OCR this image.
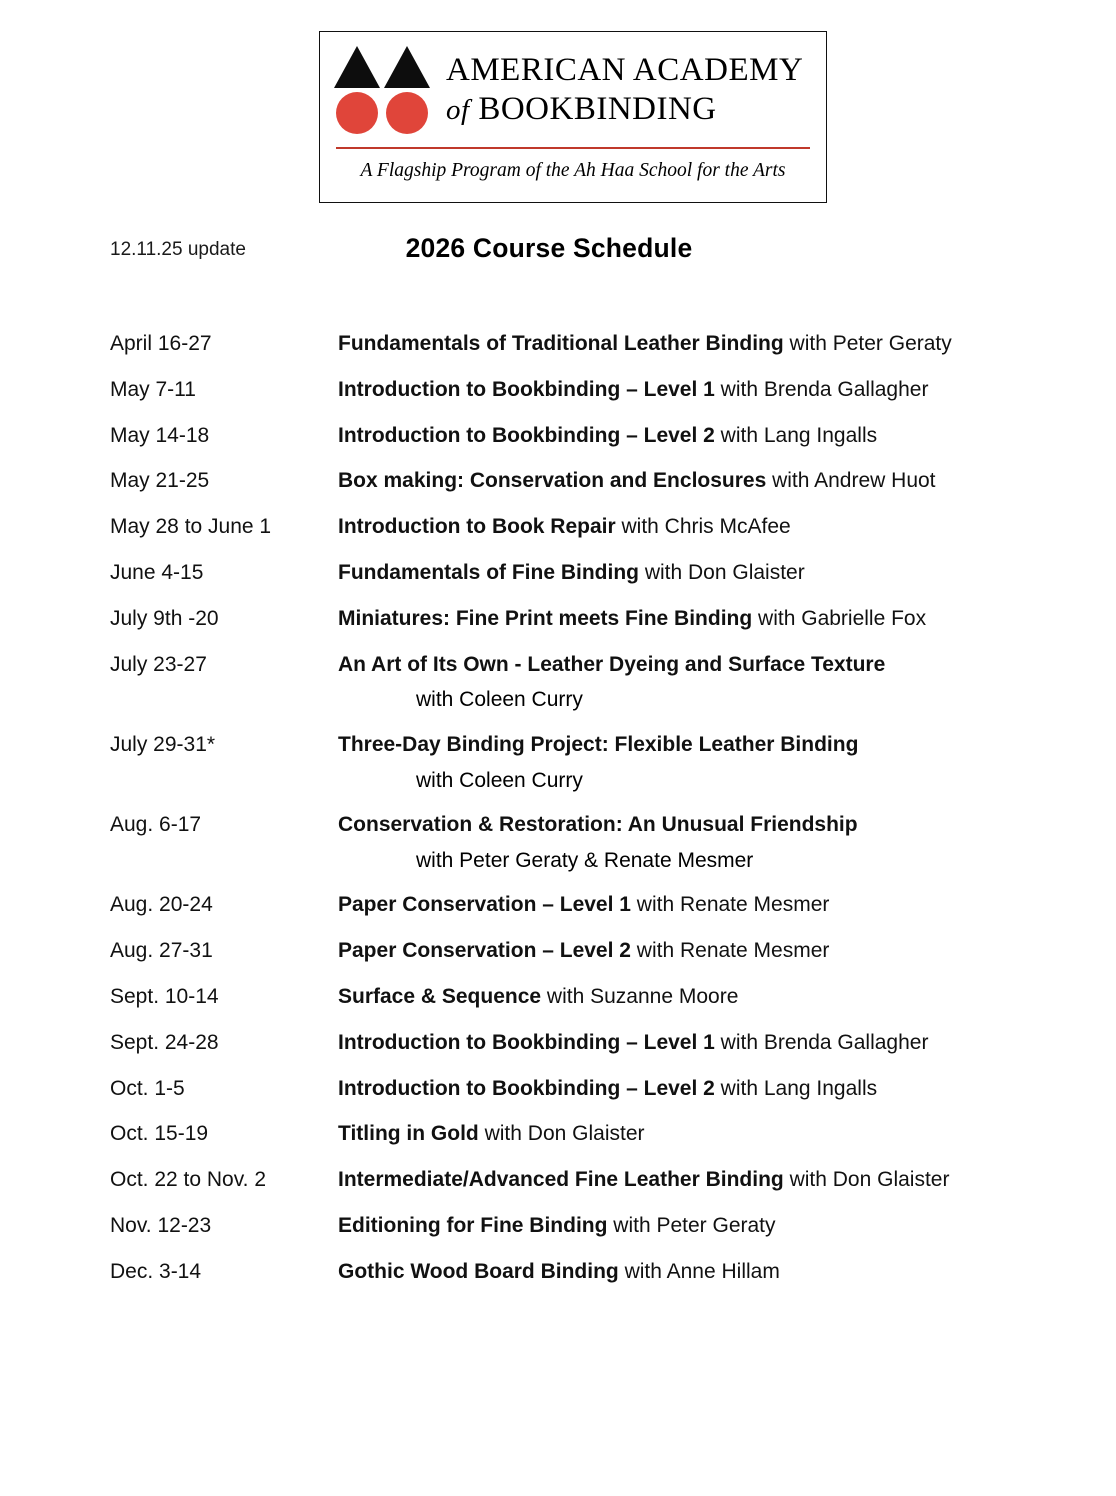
AMERICAN ACADEMY
of BOOKBINDING
A Flagship Program of the Ah Haa School for the Arts
12.11.25 update	2026 Course Schedule
April 16-27	Fundamentals of Traditional Leather Binding with Peter Geraty
May 7-11	Introduction to Bookbinding – Level 1 with Brenda Gallagher
May 14-18	Introduction to Bookbinding – Level 2 with Lang Ingalls
May 21-25	Box making: Conservation and Enclosures with Andrew Huot
May 28 to June 1	Introduction to Book Repair with Chris McAfee
June 4-15	Fundamentals of Fine Binding with Don Glaister
July 9th -20	Miniatures: Fine Print meets Fine Binding with Gabrielle Fox
July 23-27	An Art of Its Own - Leather Dyeing and Surface Texture
with Coleen Curry
July 29-31*	Three-Day Binding Project: Flexible Leather Binding
with Coleen Curry
Aug. 6-17	Conservation & Restoration: An Unusual Friendship
with Peter Geraty & Renate Mesmer
Aug. 20-24	Paper Conservation – Level 1 with Renate Mesmer
Aug. 27-31	Paper Conservation – Level 2 with Renate Mesmer
Sept. 10-14	Surface & Sequence with Suzanne Moore
Sept. 24-28	Introduction to Bookbinding – Level 1 with Brenda Gallagher
Oct. 1-5	Introduction to Bookbinding – Level 2 with Lang Ingalls
Oct. 15-19	Titling in Gold with Don Glaister
Oct. 22 to Nov. 2	Intermediate/Advanced Fine Leather Binding with Don Glaister
Nov. 12-23	Editioning for Fine Binding with Peter Geraty
Dec. 3-14	Gothic Wood Board Binding with Anne Hillam
